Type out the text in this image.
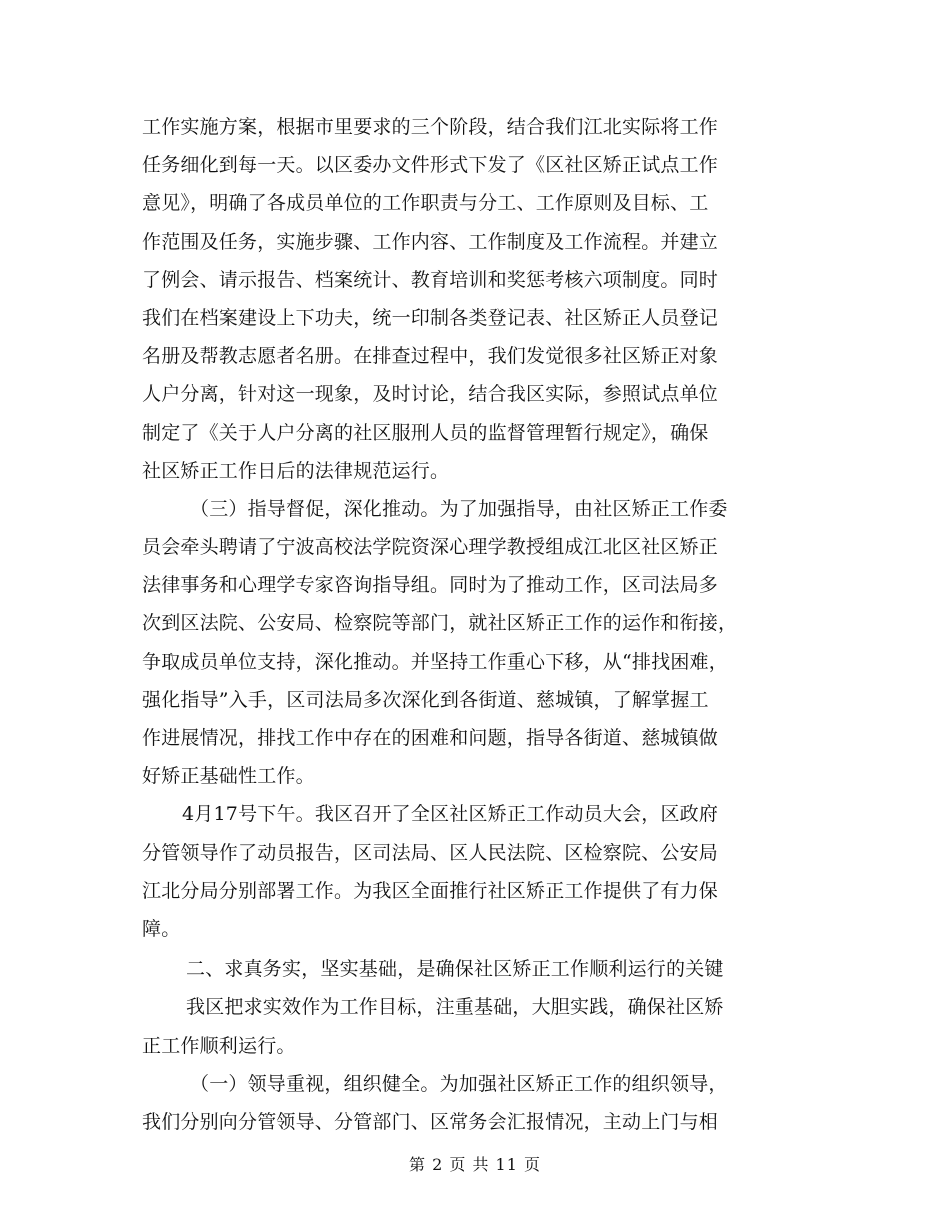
工作实施方案，根据市里要求的三个阶段，结合我们江北实际将工作
任务细化到每一天。以区委办文件形式下发了《区社区矫正试点工作
意见》，明确了各成员单位的工作职责与分工、工作原则及目标、工
作范围及任务，实施步骤、工作内容、工作制度及工作流程。并建立
了例会、请示报告、档案统计、教育培训和奖惩考核六项制度。同时
我们在档案建设上下功夫，统一印制各类登记表、社区矫正人员登记
名册及帮教志愿者名册。在排查过程中，我们发觉很多社区矫正对象
人户分离，针对这一现象，及时讨论，结合我区实际，参照试点单位
制定了《关于人户分离的社区服刑人员的监督管理暂行规定》，确保
社区矫正工作日后的法律规范运行。
（三）指导督促，深化推动。为了加强指导，由社区矫正工作委
员会牵头聘请了宁波高校法学院资深心理学教授组成江北区社区矫正
法律事务和心理学专家咨询指导组。同时为了推动工作，区司法局多
次到区法院、公安局、检察院等部门，就社区矫正工作的运作和衔接，
争取成员单位支持，深化推动。并坚持工作重心下移，从“排找困难，
强化指导”入手，区司法局多次深化到各街道、慈城镇，了解掌握工
作进展情况，排找工作中存在的困难和问题，指导各街道、慈城镇做
好矫正基础性工作。
4月17号下午。我区召开了全区社区矫正工作动员大会，区政府
分管领导作了动员报告，区司法局、区人民法院、区检察院、公安局
江北分局分别部署工作。为我区全面推行社区矫正工作提供了有力保
障。
二、求真务实，坚实基础，是确保社区矫正工作顺利运行的关键
我区把求实效作为工作目标，注重基础，大胆实践，确保社区矫
正工作顺利运行。
（一）领导重视，组织健全。为加强社区矫正工作的组织领导，
我们分别向分管领导、分管部门、区常务会汇报情况，主动上门与相
第 2 页 共 11 页
